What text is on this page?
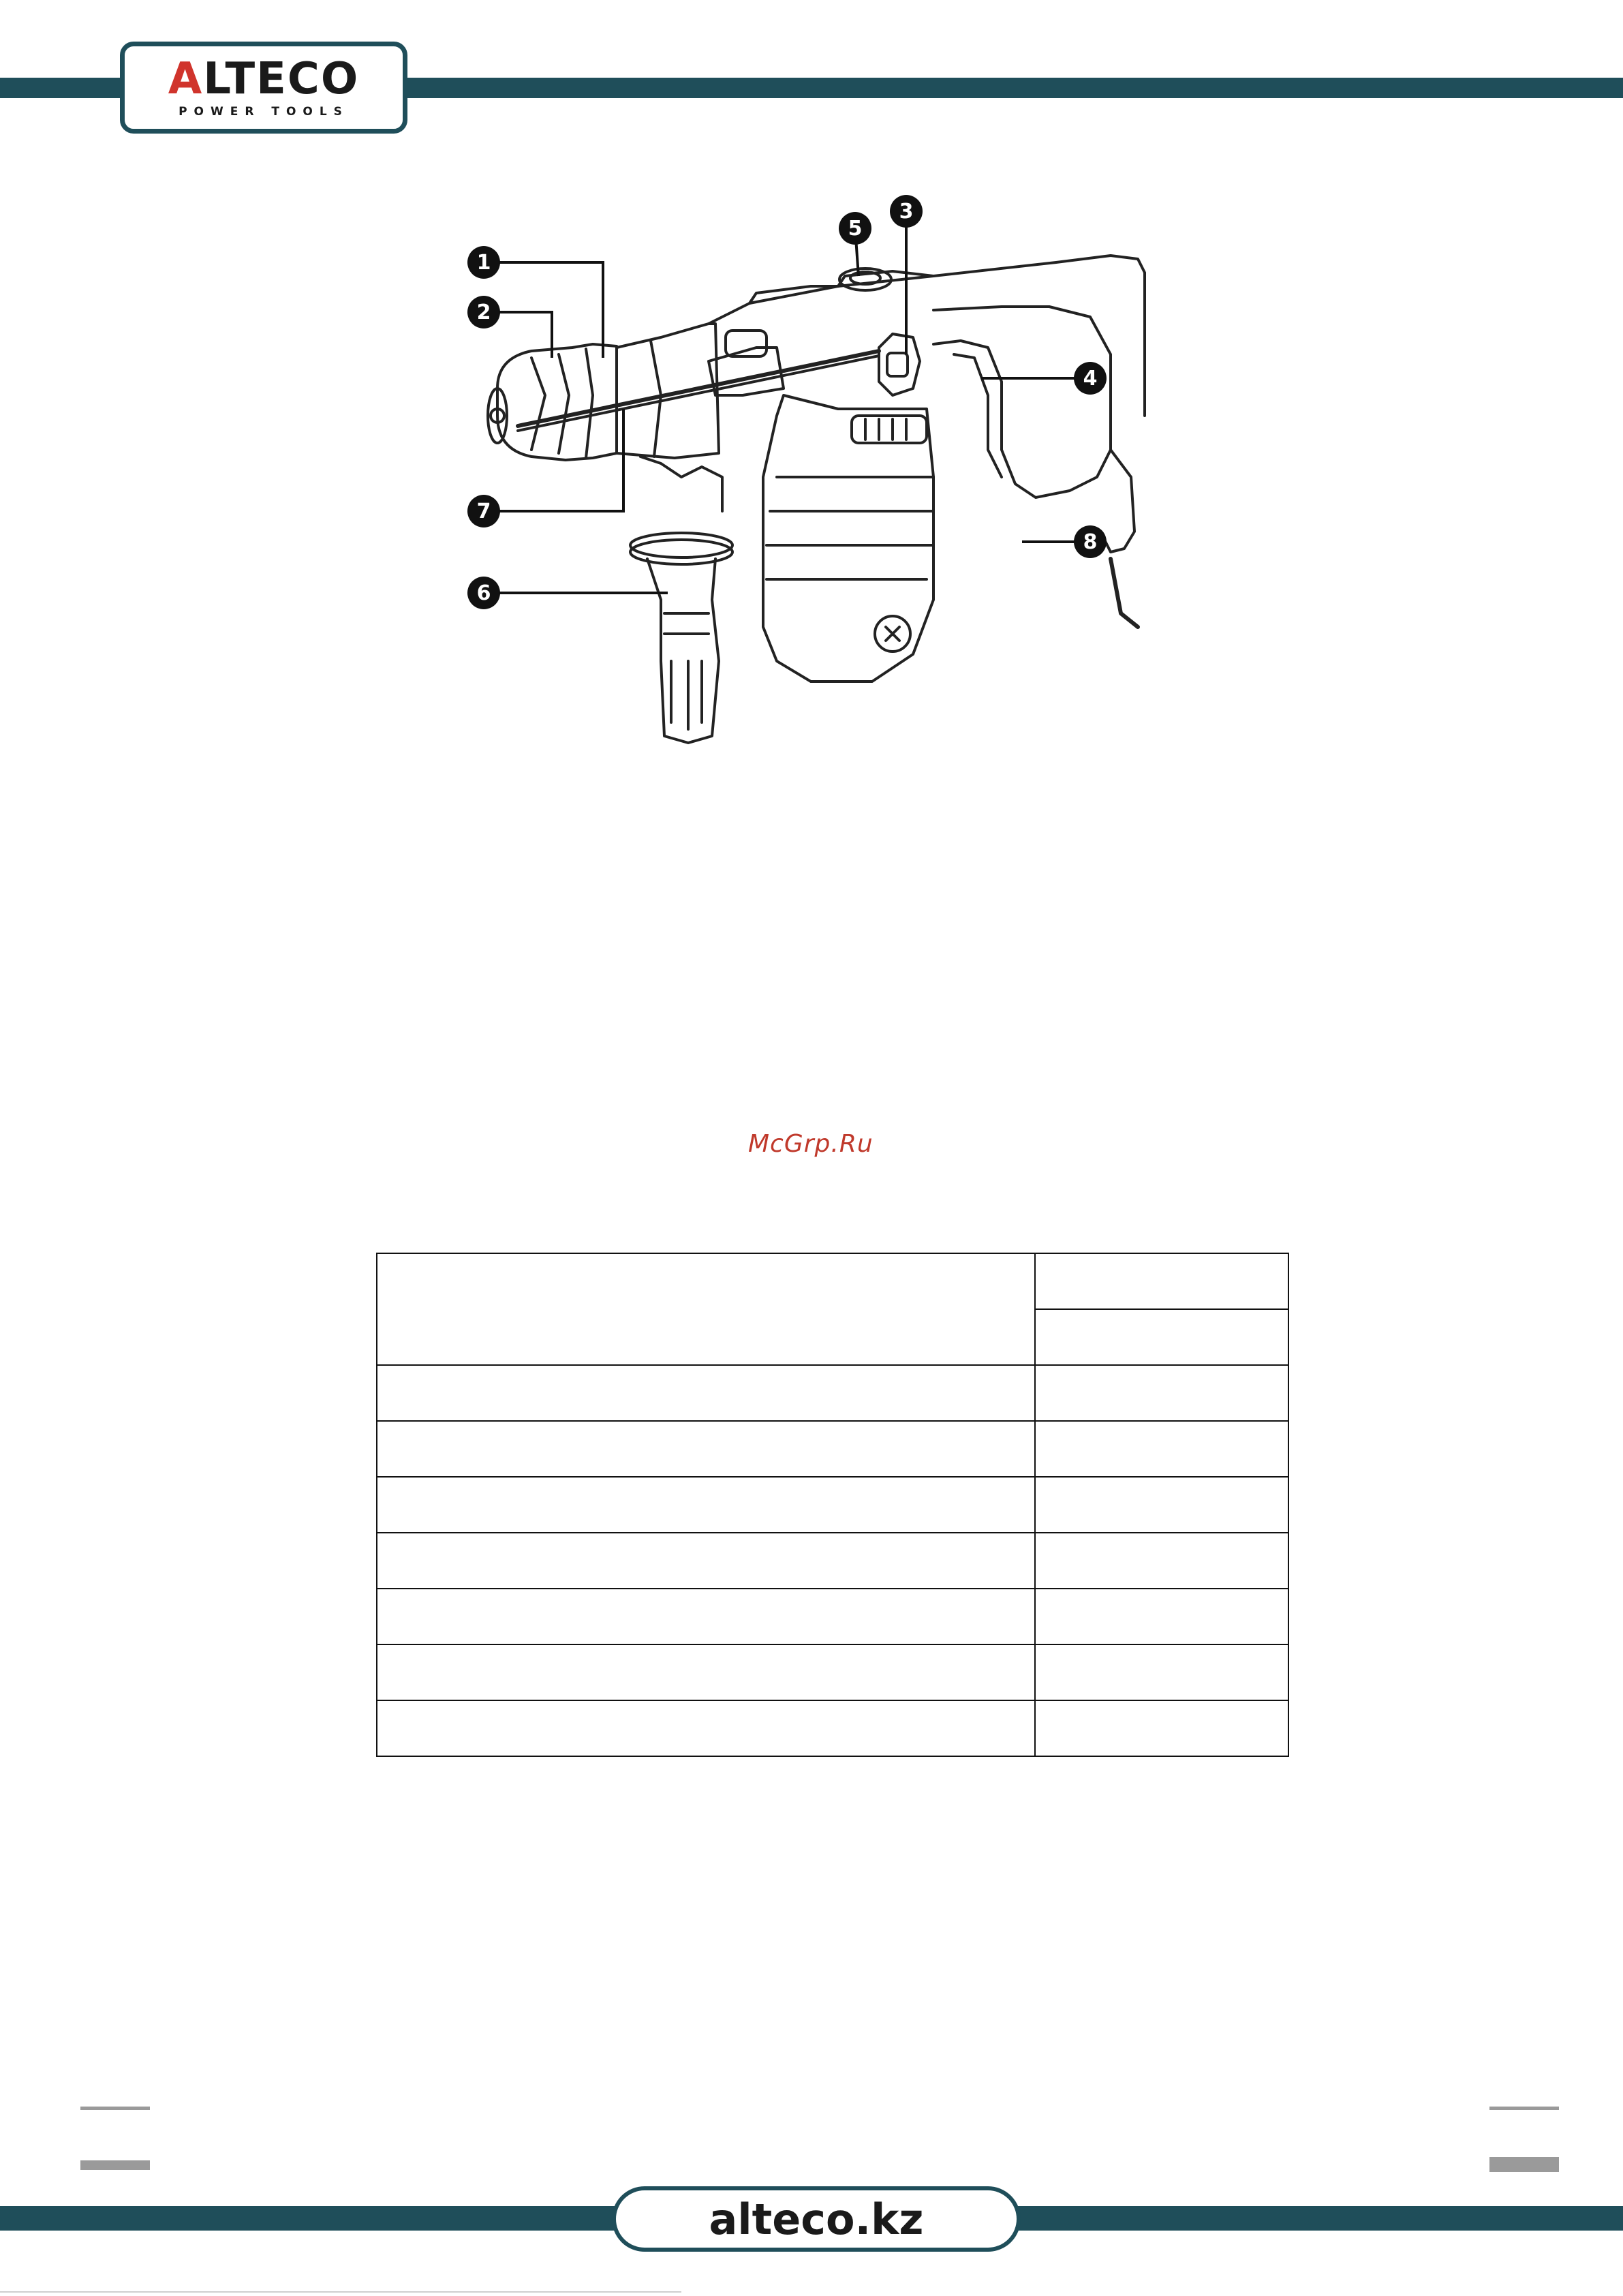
ALTECO
POWER TOOLS
1
2
3
4
5
6
7
8
McGrp.Ru

alteco.kz
